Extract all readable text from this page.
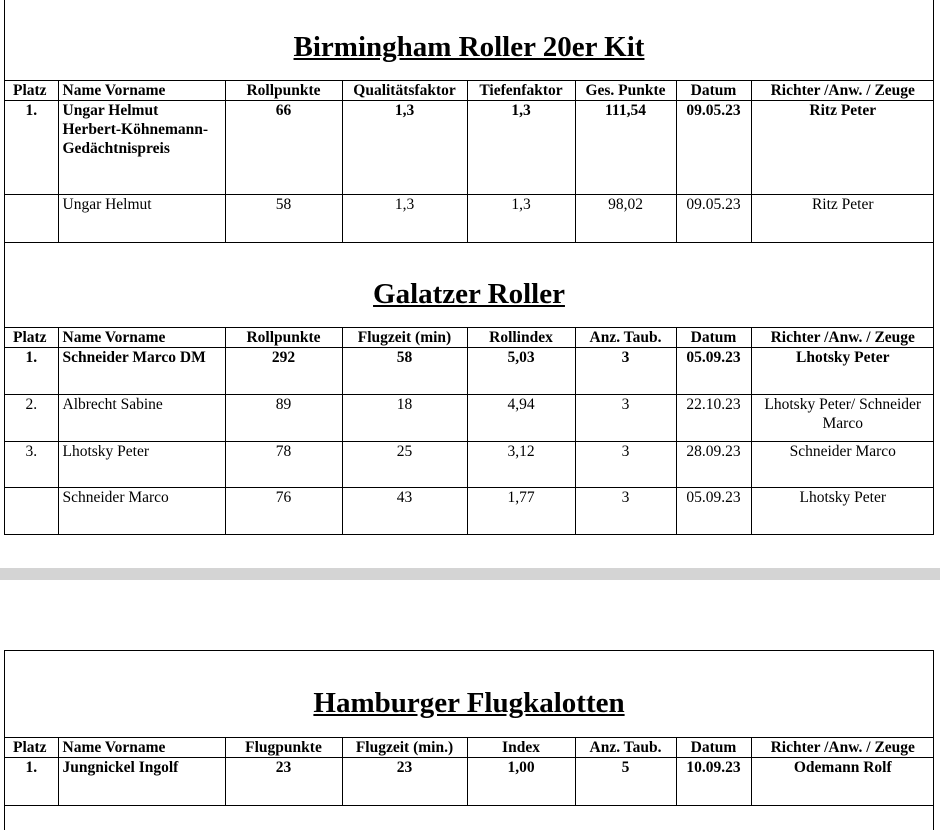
Birmingham Roller 20er Kit
Platz	Name Vorname	Rollpunkte	Qualitätsfaktor	Tiefenfaktor	Ges. Punkte	Datum	Richter /Anw. / Zeuge
1.	Ungar Helmut Herbert-Köhnemann-Gedächtnispreis	66	1,3	1,3	111,54	09.05.23	Ritz Peter
	Ungar Helmut	58	1,3	1,3	98,02	09.05.23	Ritz Peter
Galatzer Roller
Platz	Name Vorname	Rollpunkte	Flugzeit (min)	Rollindex	Anz. Taub.	Datum	Richter /Anw. / Zeuge
1.	Schneider Marco DM	292	58	5,03	3	05.09.23	Lhotsky Peter
2.	Albrecht Sabine	89	18	4,94	3	22.10.23	Lhotsky Peter/ Schneider Marco
3.	Lhotsky Peter	78	25	3,12	3	28.09.23	Schneider Marco
	Schneider Marco	76	43	1,77	3	05.09.23	Lhotsky Peter
Hamburger Flugkalotten
Platz	Name Vorname	Flugpunkte	Flugzeit (min.)	Index	Anz. Taub.	Datum	Richter /Anw. / Zeuge
1.	Jungnickel Ingolf	23	23	1,00	5	10.09.23	Odemann Rolf
